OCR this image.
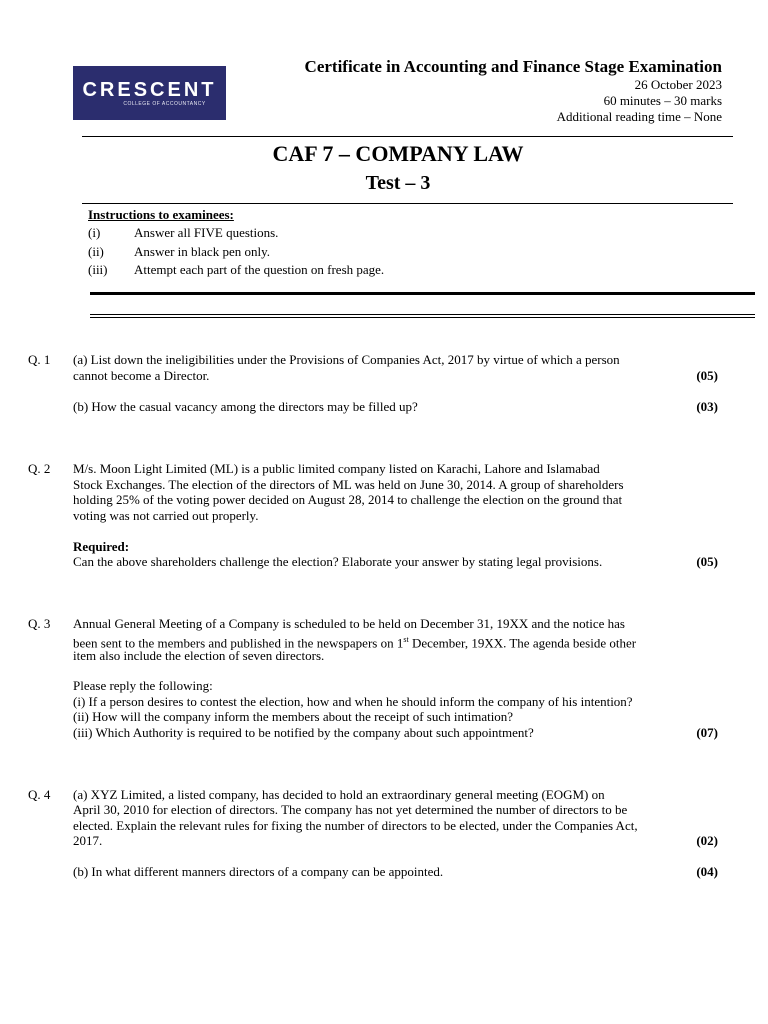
CRESCENT
COLLEGE OF ACCOUNTANCY
Certificate in Accounting and Finance Stage Examination
26 October 2023
60 minutes – 30 marks
Additional reading time – None
CAF 7 – COMPANY LAW
Test – 3
Instructions to examinees:
(i)	Answer all FIVE questions.
(ii) Answer in black pen only.
(iii) Attempt each part of the question on fresh page.
Q. 1 (a) List down the ineligibilities under the Provisions of Companies Act, 2017 by virtue of which a person
cannot become a Director.	(05)
(b) How the casual vacancy among the directors may be filled up?	(03)
Q. 2 M/s. Moon Light Limited (ML) is a public limited company listed on Karachi, Lahore and Islamabad
Stock Exchanges. The election of the directors of ML was held on June 30, 2014. A group of shareholders
holding 25% of the voting power decided on August 28, 2014 to challenge the election on the ground that
voting was not carried out properly.
Required:
Can the above shareholders challenge the election? Elaborate your answer by stating legal provisions.	(05)
Q. 3 Annual General Meeting of a Company is scheduled to be held on December 31, 19XX and the notice has
been sent to the members and published in the newspapers on 1st December, 19XX. The agenda beside other
item also include the election of seven directors.
Please reply the following:
(i) If a person desires to contest the election, how and when he should inform the company of his intention?
(ii) How will the company inform the members about the receipt of such intimation?
(iii) Which Authority is required to be notified by the company about such appointment?	(07)
Q. 4 (a) XYZ Limited, a listed company, has decided to hold an extraordinary general meeting (EOGM) on
April 30, 2010 for election of directors. The company has not yet determined the number of directors to be
elected. Explain the relevant rules for fixing the number of directors to be elected, under the Companies Act,
2017.	(02)
(b) In what different manners directors of a company can be appointed.	(04)
